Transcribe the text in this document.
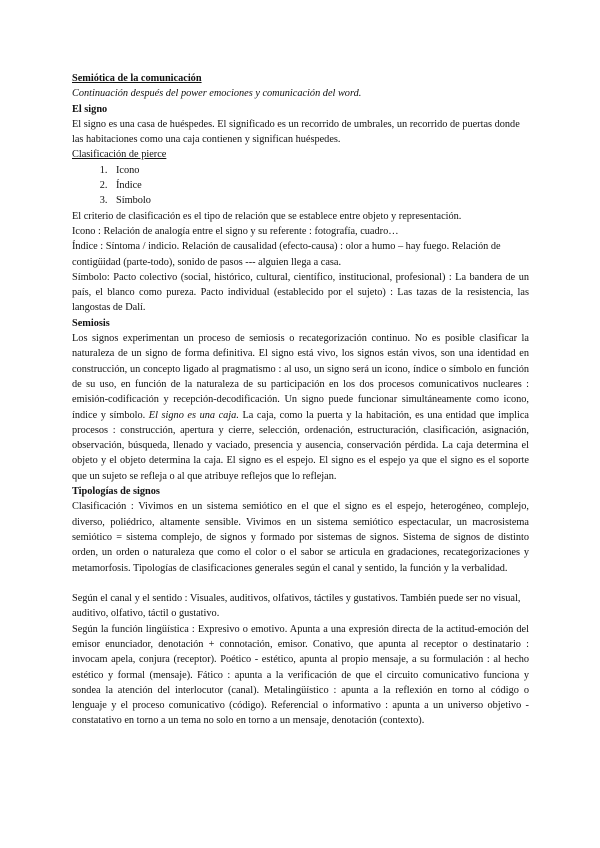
Semiótica de la comunicación

Continuación después del power emociones y comunicación del word.

El signo

El signo es una casa de huéspedes. El significado es un recorrido de umbrales, un recorrido de puertas donde las habitaciones como una caja contienen y significan huéspedes.

Clasificación de pierce

1. Icono
2. Índice
3. Símbolo

El criterio de clasificación es el tipo de relación que se establece entre objeto y representación.

Icono : Relación de analogía entre el signo y su referente : fotografía, cuadro…

Índice : Síntoma / indicio. Relación de causalidad (efecto-causa) : olor a humo – hay fuego. Relación de contigüidad (parte-todo), sonido de pasos --- alguien llega a casa.

Símbolo: Pacto colectivo (social, histórico, cultural, científico, institucional, profesional) : La bandera de un país, el blanco como pureza. Pacto individual (establecido por el sujeto) : Las tazas de la resistencia, las langostas de Dalí.

Semiosis

Los signos experimentan un proceso de semiosis o recategorización continuo. No es posible clasificar la naturaleza de un signo de forma definitiva. El signo está vivo, los signos están vivos, son una identidad en construcción, un concepto ligado al pragmatismo : al uso, un signo será un icono, índice o símbolo en función de su uso, en función de la naturaleza de su participación en los dos procesos comunicativos nucleares : emisión-codificación y recepción-decodificación. Un signo puede funcionar simultáneamente como icono, índice y símbolo. El signo es una caja. La caja, como la puerta y la habitación, es una entidad que implica procesos : construcción, apertura y cierre, selección, ordenación, estructuración, clasificación, asignación, observación, búsqueda, llenado y vaciado, presencia y ausencia, conservación pérdida. La caja determina el objeto y el objeto determina la caja. El signo es el espejo. El signo es el espejo ya que el signo es el soporte que un sujeto se refleja o al que atribuye reflejos que lo reflejan.

Tipologías de signos

Clasificación : Vivimos en un sistema semiótico en el que el signo es el espejo, heterogéneo, complejo, diverso, poliédrico, altamente sensible. Vivimos en un sistema semiótico espectacular, un macrosistema semiótico = sistema complejo, de signos y formado por sistemas de signos. Sistema de signos de distinto orden, un orden o naturaleza que como el color o el sabor se articula en gradaciones, recategorizaciones y metamorfosis. Tipologías de clasificaciones generales según el canal y sentido, la función y la verbalidad.

Según el canal y el sentido : Visuales, auditivos, olfativos, táctiles y gustativos. También puede ser no visual, auditivo, olfativo, táctil o gustativo.

Según la función lingüística : Expresivo o emotivo. Apunta a una expresión directa de la actitud-emoción del emisor enunciador, denotación + connotación, emisor. Conativo, que apunta al receptor o destinatario : invocam apela, conjura (receptor). Poético - estético, apunta al propio mensaje, a su formulación : al hecho estético y formal (mensaje). Fático : apunta a la verificación de que el circuito comunicativo funciona y sondea la atención del interlocutor (canal). Metalingüístico : apunta a la reflexión en torno al código o lenguaje y el proceso comunicativo (código). Referencial o informativo : apunta a un universo objetivo - constatativo en torno a un tema no solo en torno a un mensaje, denotación (contexto).
